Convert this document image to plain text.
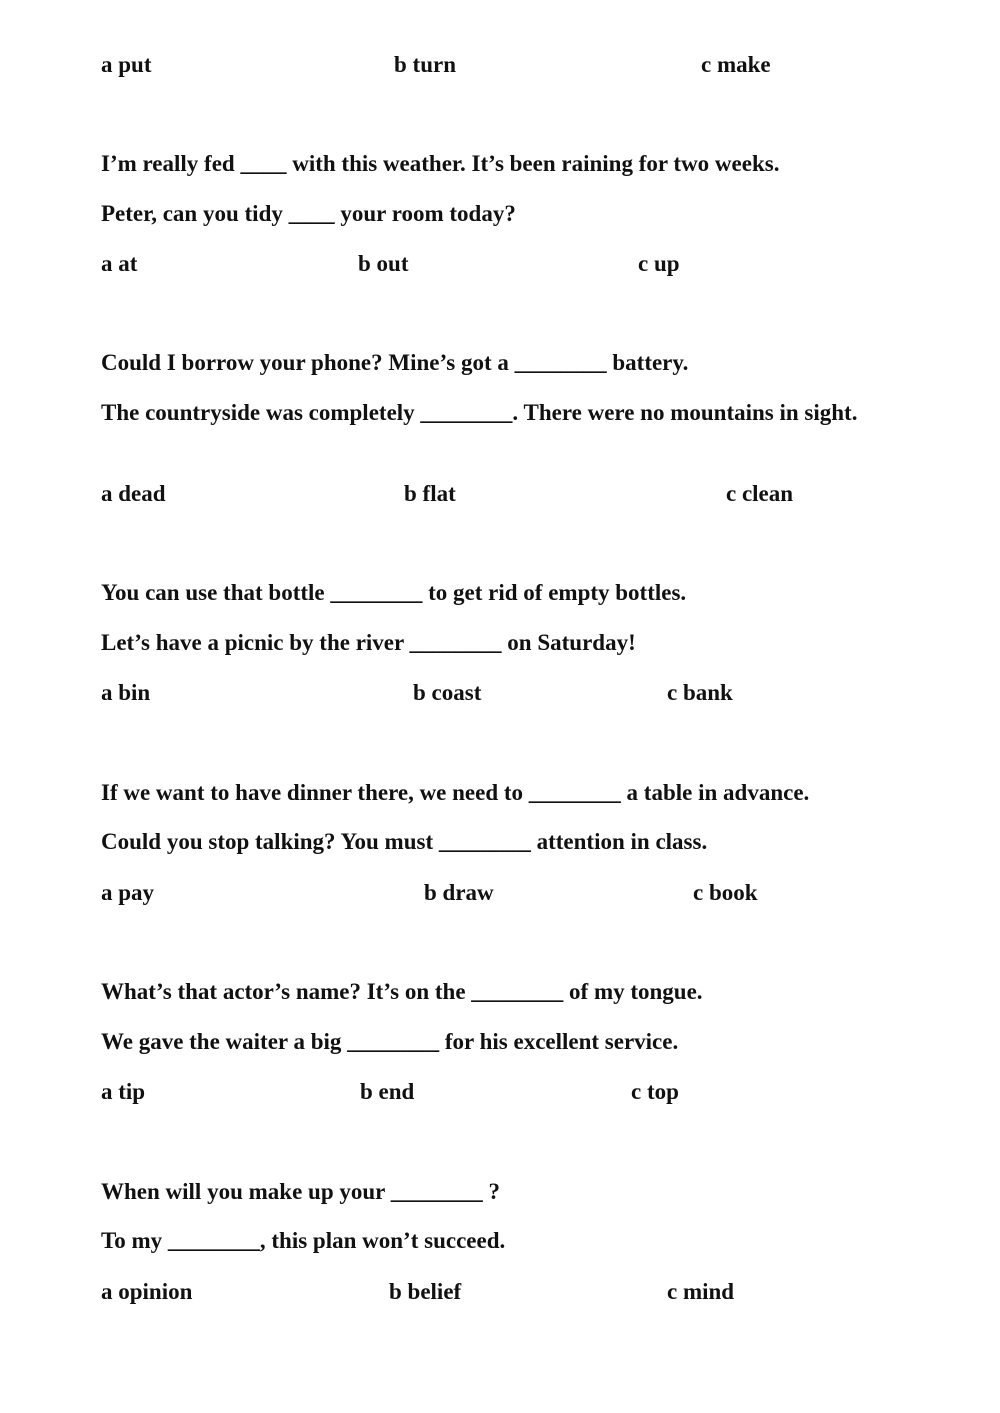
a put	b turn	c make

I’m really fed ____ with this weather. It’s been raining for two weeks.

Peter, can you tidy ____ your room today?

a at	b out	c up

Could I borrow your phone? Mine’s got a ________ battery.

The countryside was completely ________. There were no mountains in sight.

a dead	b flat	c clean

You can use that bottle ________ to get rid of empty bottles.

Let’s have a picnic by the river ________ on Saturday!

a bin	b coast	c bank

If we want to have dinner there, we need to ________ a table in advance.

Could you stop talking? You must ________ attention in class.

a pay	b draw	c book

What’s that actor’s name? It’s on the ________ of my tongue.

We gave the waiter a big ________ for his excellent service.

a tip	b end	c top

When will you make up your ________ ?

To my ________, this plan won’t succeed.

a opinion	b belief	c mind
